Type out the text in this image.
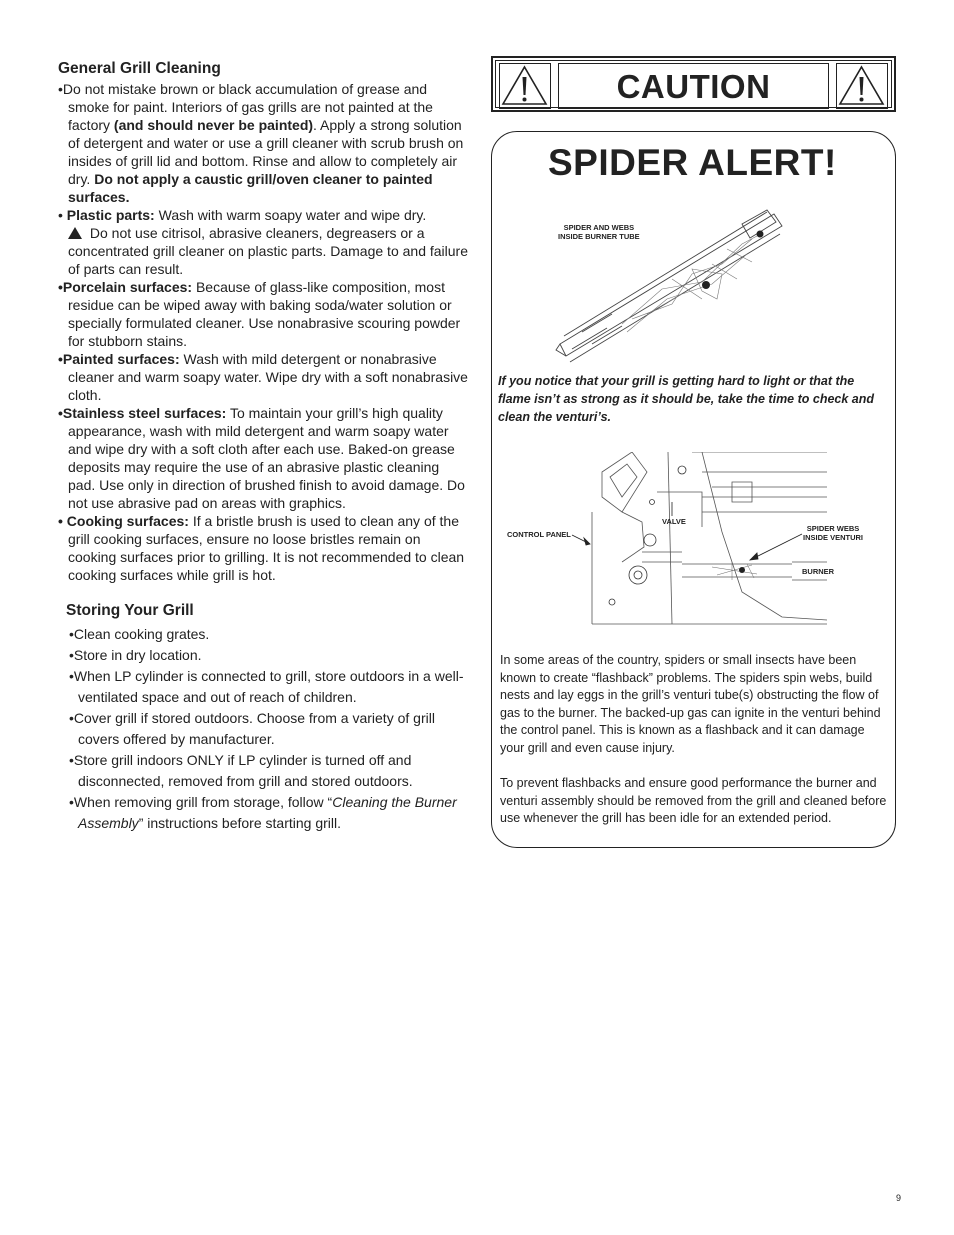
General Grill Cleaning

•Do not mistake brown or black accumulation of grease and smoke for paint. Interiors of gas grills are not painted at the factory (and should never be painted). Apply a strong solution of detergent and water or use a grill cleaner with scrub brush on insides of grill lid and bottom. Rinse and allow to completely air dry. Do not apply a caustic grill/oven cleaner to painted surfaces.

• Plastic parts: Wash with warm soapy water and wipe dry.
Do not use citrisol, abrasive cleaners, degreasers or a concentrated grill cleaner on plastic parts. Damage to and failure of parts can result.

•Porcelain surfaces: Because of glass-like composition, most residue can be wiped away with baking soda/water solution or specially formulated cleaner. Use nonabrasive scouring powder for stubborn stains.

•Painted surfaces: Wash with mild detergent or nonabrasive cleaner and warm soapy water. Wipe dry with a soft nonabrasive cloth.

•Stainless steel surfaces: To maintain your grill’s high quality appearance, wash with mild detergent and warm soapy water and wipe dry with a soft cloth after each use. Baked-on grease deposits may require the use of an abrasive plastic cleaning pad. Use only in direction of brushed finish to avoid damage. Do not use abrasive pad on areas with graphics.

• Cooking surfaces: If a bristle brush is used to clean any of the grill cooking surfaces, ensure no loose bristles remain on cooking surfaces prior to grilling. It is not recommended to clean cooking surfaces while grill is hot.

Storing Your Grill

•Clean cooking grates.

•Store in dry location.

•When LP cylinder is connected to grill, store outdoors in a well-ventilated space and out of reach of children.

•Cover grill if stored outdoors. Choose from a variety of grill covers offered by manufacturer.

•Store grill indoors ONLY if LP cylinder is turned off and disconnected, removed from grill and stored outdoors.

•When removing grill from storage, follow “Cleaning the Burner Assembly” instructions before starting grill.

CAUTION
SPIDER ALERT!
SPIDER AND WEBS
INSIDE BURNER TUBE

If you notice that your grill is getting hard to light or that the flame isn’t as strong as it should be, take the time to check and clean the venturi’s.

VALVE
CONTROL PANEL
SPIDER WEBS
INSIDE VENTURI
BURNER

In some areas of the country, spiders or small insects have been known to create “flashback” problems. The spiders spin webs, build nests and lay eggs in the grill’s venturi tube(s) obstructing the flow of gas to the burner. The backed-up gas can ignite in the venturi behind the control panel. This is known as a flashback and it can damage your grill and even cause injury.

To prevent flashbacks and ensure good performance the burner and venturi assembly should be removed from the grill and cleaned before use whenever the grill has been idle for an extended period.

9
